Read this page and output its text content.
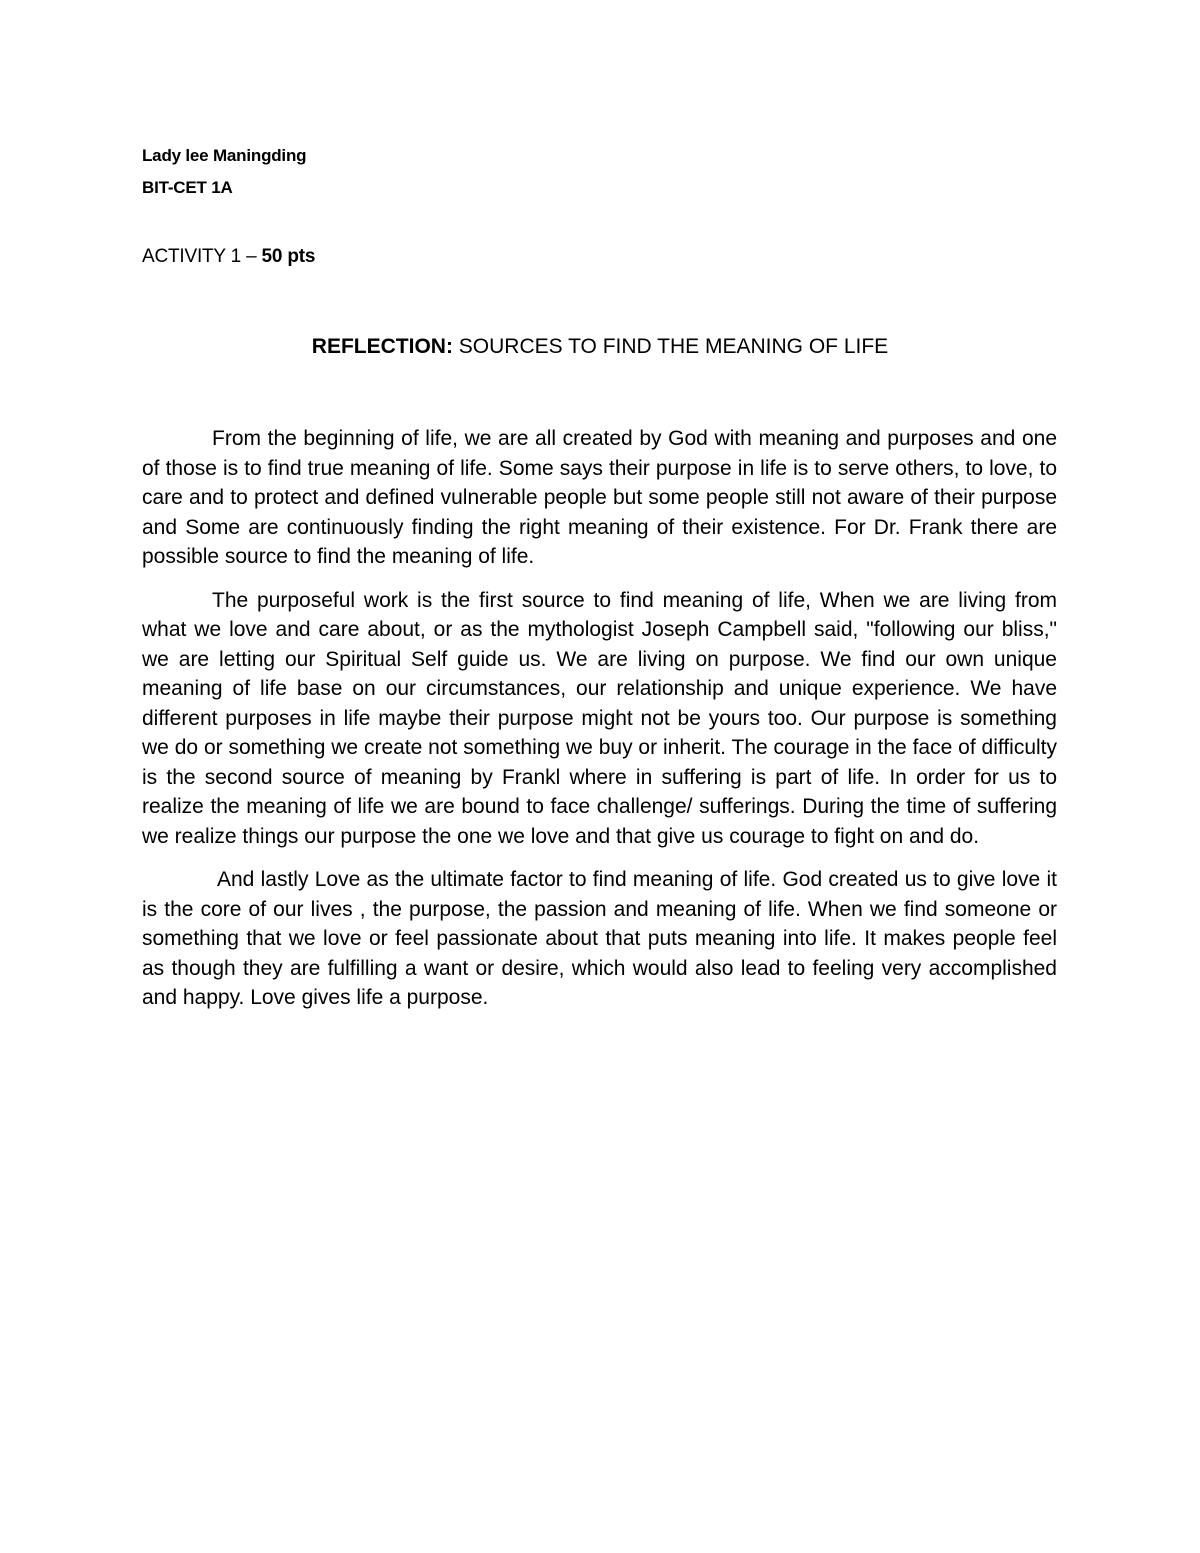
Lady lee Maningding
BIT-CET 1A
ACTIVITY 1 – 50 pts
REFLECTION: SOURCES TO FIND THE MEANING OF LIFE

From the beginning of life, we are all created by God with meaning and purposes and one of those is to find true meaning of life. Some says their purpose in life is to serve others, to love, to care and to protect and defined vulnerable people but some people still not aware of their purpose and Some are continuously finding the right meaning of their existence. For Dr. Frank there are possible source to find the meaning of life.

The purposeful work is the first source to find meaning of life, When we are living from what we love and care about, or as the mythologist Joseph Campbell said, "following our bliss," we are letting our Spiritual Self guide us. We are living on purpose. We find our own unique meaning of life base on our circumstances, our relationship and unique experience. We have different purposes in life maybe their purpose might not be yours too. Our purpose is something we do or something we create not something we buy or inherit. The courage in the face of difficulty is the second source of meaning by Frankl where in suffering is part of life. In order for us to realize the meaning of life we are bound to face challenge/ sufferings. During the time of suffering we realize things our purpose the one we love and that give us courage to fight on and do.

And lastly Love as the ultimate factor to find meaning of life. God created us to give love it is the core of our lives , the purpose, the passion and meaning of life. When we find someone or something that we love or feel passionate about that puts meaning into life. It makes people feel as though they are fulfilling a want or desire, which would also lead to feeling very accomplished and happy. Love gives life a purpose.
